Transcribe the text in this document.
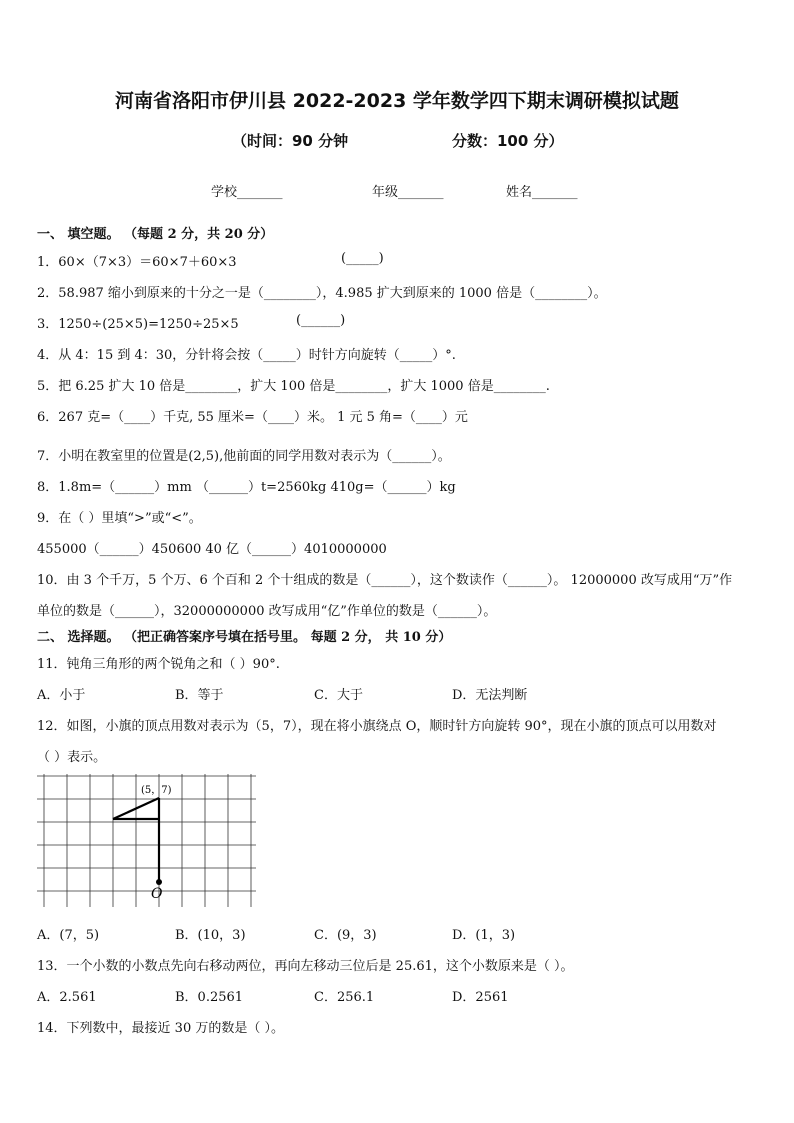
河南省洛阳市伊川县 2022-2023 学年数学四下期末调研模拟试题
（时间：90 分钟	分数：100 分）
学校_______	年级_______	姓名_______
一、 填空题。 （每题 2 分，共 20 分）
1．60×（7×3）＝60×7＋60×3	(_____)
2．58.987 缩小到原来的十分之一是（________），4.985 扩大到原来的 1000 倍是（________）。
3．1250÷(25×5)=1250÷25×5	(______)
4．从 4：15 到 4：30，分针将会按（_____）时针方向旋转（_____）°.
5．把 6.25 扩大 10 倍是________，扩大 100 倍是________，扩大 1000 倍是________.
6．267 克=（____）千克, 55 厘米=（____）米。 1 元 5 角=（____）元
7．小明在教室里的位置是(2,5),他前面的同学用数对表示为（______）。
8．1.8m=（______）mm （______）t=2560kg 410g=（______）kg
9．在（ ）里填“>”或“<”。
455000（______）450600 40 亿（______）4010000000
10．由 3 个千万，5 个万、6 个百和 2 个十组成的数是（______），这个数读作（______）。 12000000 改写成用“万”作
单位的数是（______），32000000000 改写成用“亿”作单位的数是（______）。
二、 选择题。 （把正确答案序号填在括号里。 每题 2 分， 共 10 分）
11．钝角三角形的两个锐角之和（ ）90°.
A．小于	B．等于	C．大于	D．无法判断
12．如图，小旗的顶点用数对表示为（5，7），现在将小旗绕点 O，顺时针方向旋转 90°，现在小旗的顶点可以用数对
（ ）表示。
(5，7)
O
A．(7，5)	B．(10，3)	C．(9，3)	D．(1，3)
13．一个小数的小数点先向右移动两位，再向左移动三位后是 25.61，这个小数原来是（ ）。
A．2.561	B．0.2561	C．256.1	D．2561
14．下列数中，最接近 30 万的数是（ ）。
